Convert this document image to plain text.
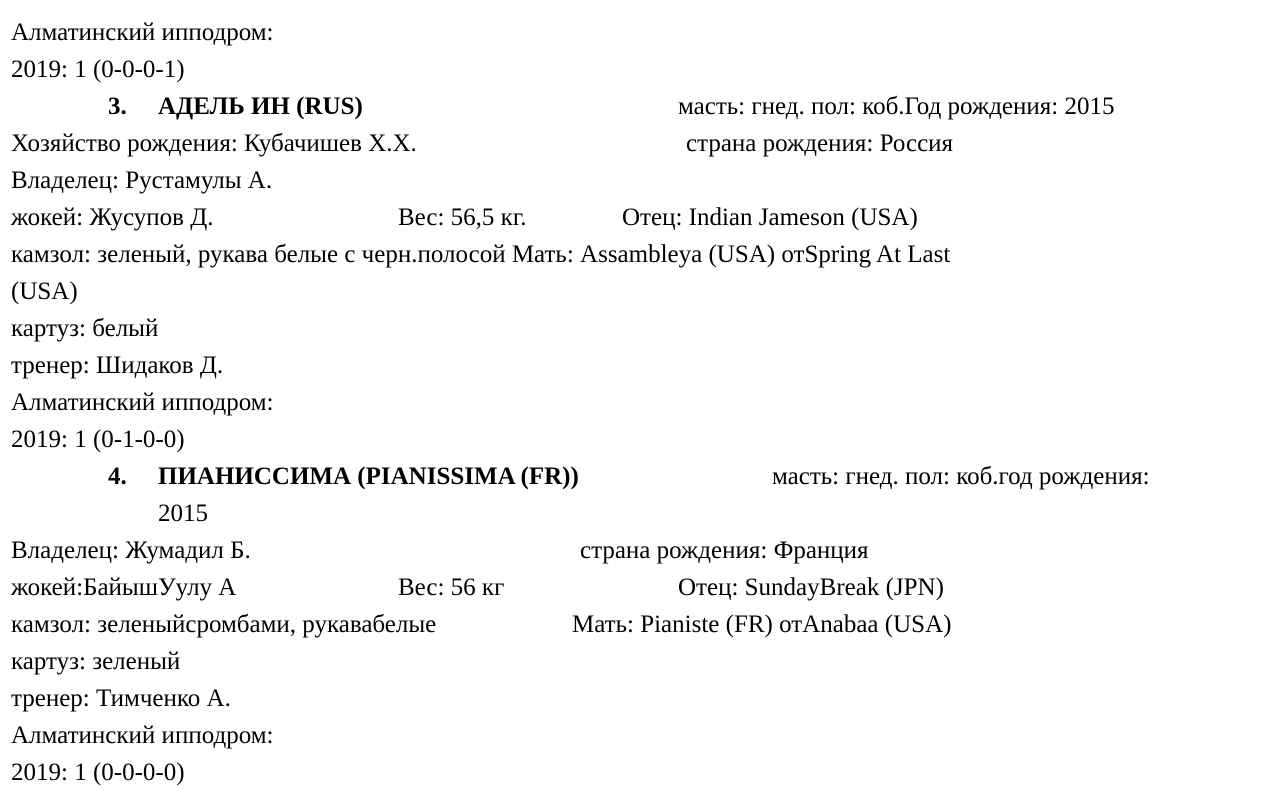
Алматинский ипподром:
2019: 1 (0-0-0-1)
3. АДЕЛЬ ИН (RUS)	масть: гнед. пол: коб.Год рождения: 2015
Хозяйство рождения: Кубачишев Х.Х.	страна рождения: Россия
Владелец: Рустамулы А.
жокей: Жусупов Д.	Вес: 56,5 кг.	Отец: Indian Jameson (USA)
камзол: зеленый, рукава белые с черн.полосой Мать: Assambleya (USA) отSpring At Last
(USA)
картуз: белый
тренер: Шидаков Д.
Алматинский ипподром:
2019: 1 (0-1-0-0)
4. ПИАНИССИМА (PIANISSIMA (FR))	масть: гнед. пол: коб.год рождения:
2015
Владелец: Жумадил Б.	страна рождения: Франция
жокей:БайышУулу А	Вес: 56 кг	Отец: SundayBreak (JPN)
камзол: зеленыйсромбами, рукавабелые	Мать: Pianiste (FR) отAnabaa (USA)
картуз: зеленый
тренер: Тимченко А.
Алматинский ипподром:
2019: 1 (0-0-0-0)
